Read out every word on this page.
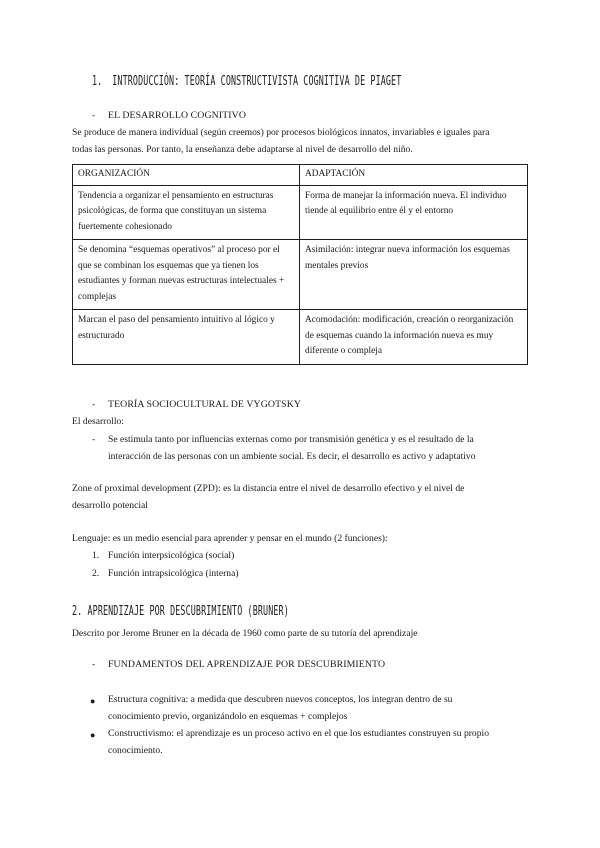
1. INTRODUCCIÓN: TEORÍA CONSTRUCTIVISTA COGNITIVA DE PIAGET
- EL DESARROLLO COGNITIVO
Se produce de manera individual (según creemos) por procesos biológicos innatos, invariables e iguales para
todas las personas. Por tanto, la enseñanza debe adaptarse al nivel de desarrollo del niño.
ORGANIZACIÓN	ADAPTACIÓN
Tendencia a organizar el pensamiento en estructuras psicológicas, de forma que constituyan un sistema fuertemente cohesionado	Forma de manejar la información nueva. El individuo tiende al equilibrio entre él y el entorno
Se denomina “esquemas operativos” al proceso por el que se combinan los esquemas que ya tienen los estudiantes y forman nuevas estructuras intelectuales + complejas	Asimilación: integrar nueva información los esquemas mentales previos
Marcan el paso del pensamiento intuitivo al lógico y estructurado	Acomodación: modificación, creación o reorganización de esquemas cuando la información nueva es muy diferente o compleja
- TEORÍA SOCIOCULTURAL DE VYGOTSKY
El desarrollo:
- Se estimula tanto por influencias externas como por transmisión genética y es el resultado de la
interacción de las personas con un ambiente social. Es decir, el desarrollo es activo y adaptativo
Zone of proximal development (ZPD): es la distancia entre el nivel de desarrollo efectivo y el nivel de
desarrollo potencial
Lenguaje: es un medio esencial para aprender y pensar en el mundo (2 funciones):
1. Función interpsicológica (social)
2. Función intrapsicológica (interna)
2. APRENDIZAJE POR DESCUBRIMIENTO (BRUNER)
Descrito por Jerome Bruner en la década de 1960 como parte de su tutoría del aprendizaje
- FUNDAMENTOS DEL APRENDIZAJE POR DESCUBRIMIENTO
● Estructura cognitiva: a medida que descubren nuevos conceptos, los integran dentro de su
conocimiento previo, organizándolo en esquemas + complejos
● Constructivismo: el aprendizaje es un proceso activo en el que los estudiantes construyen su propio
conocimiento.
